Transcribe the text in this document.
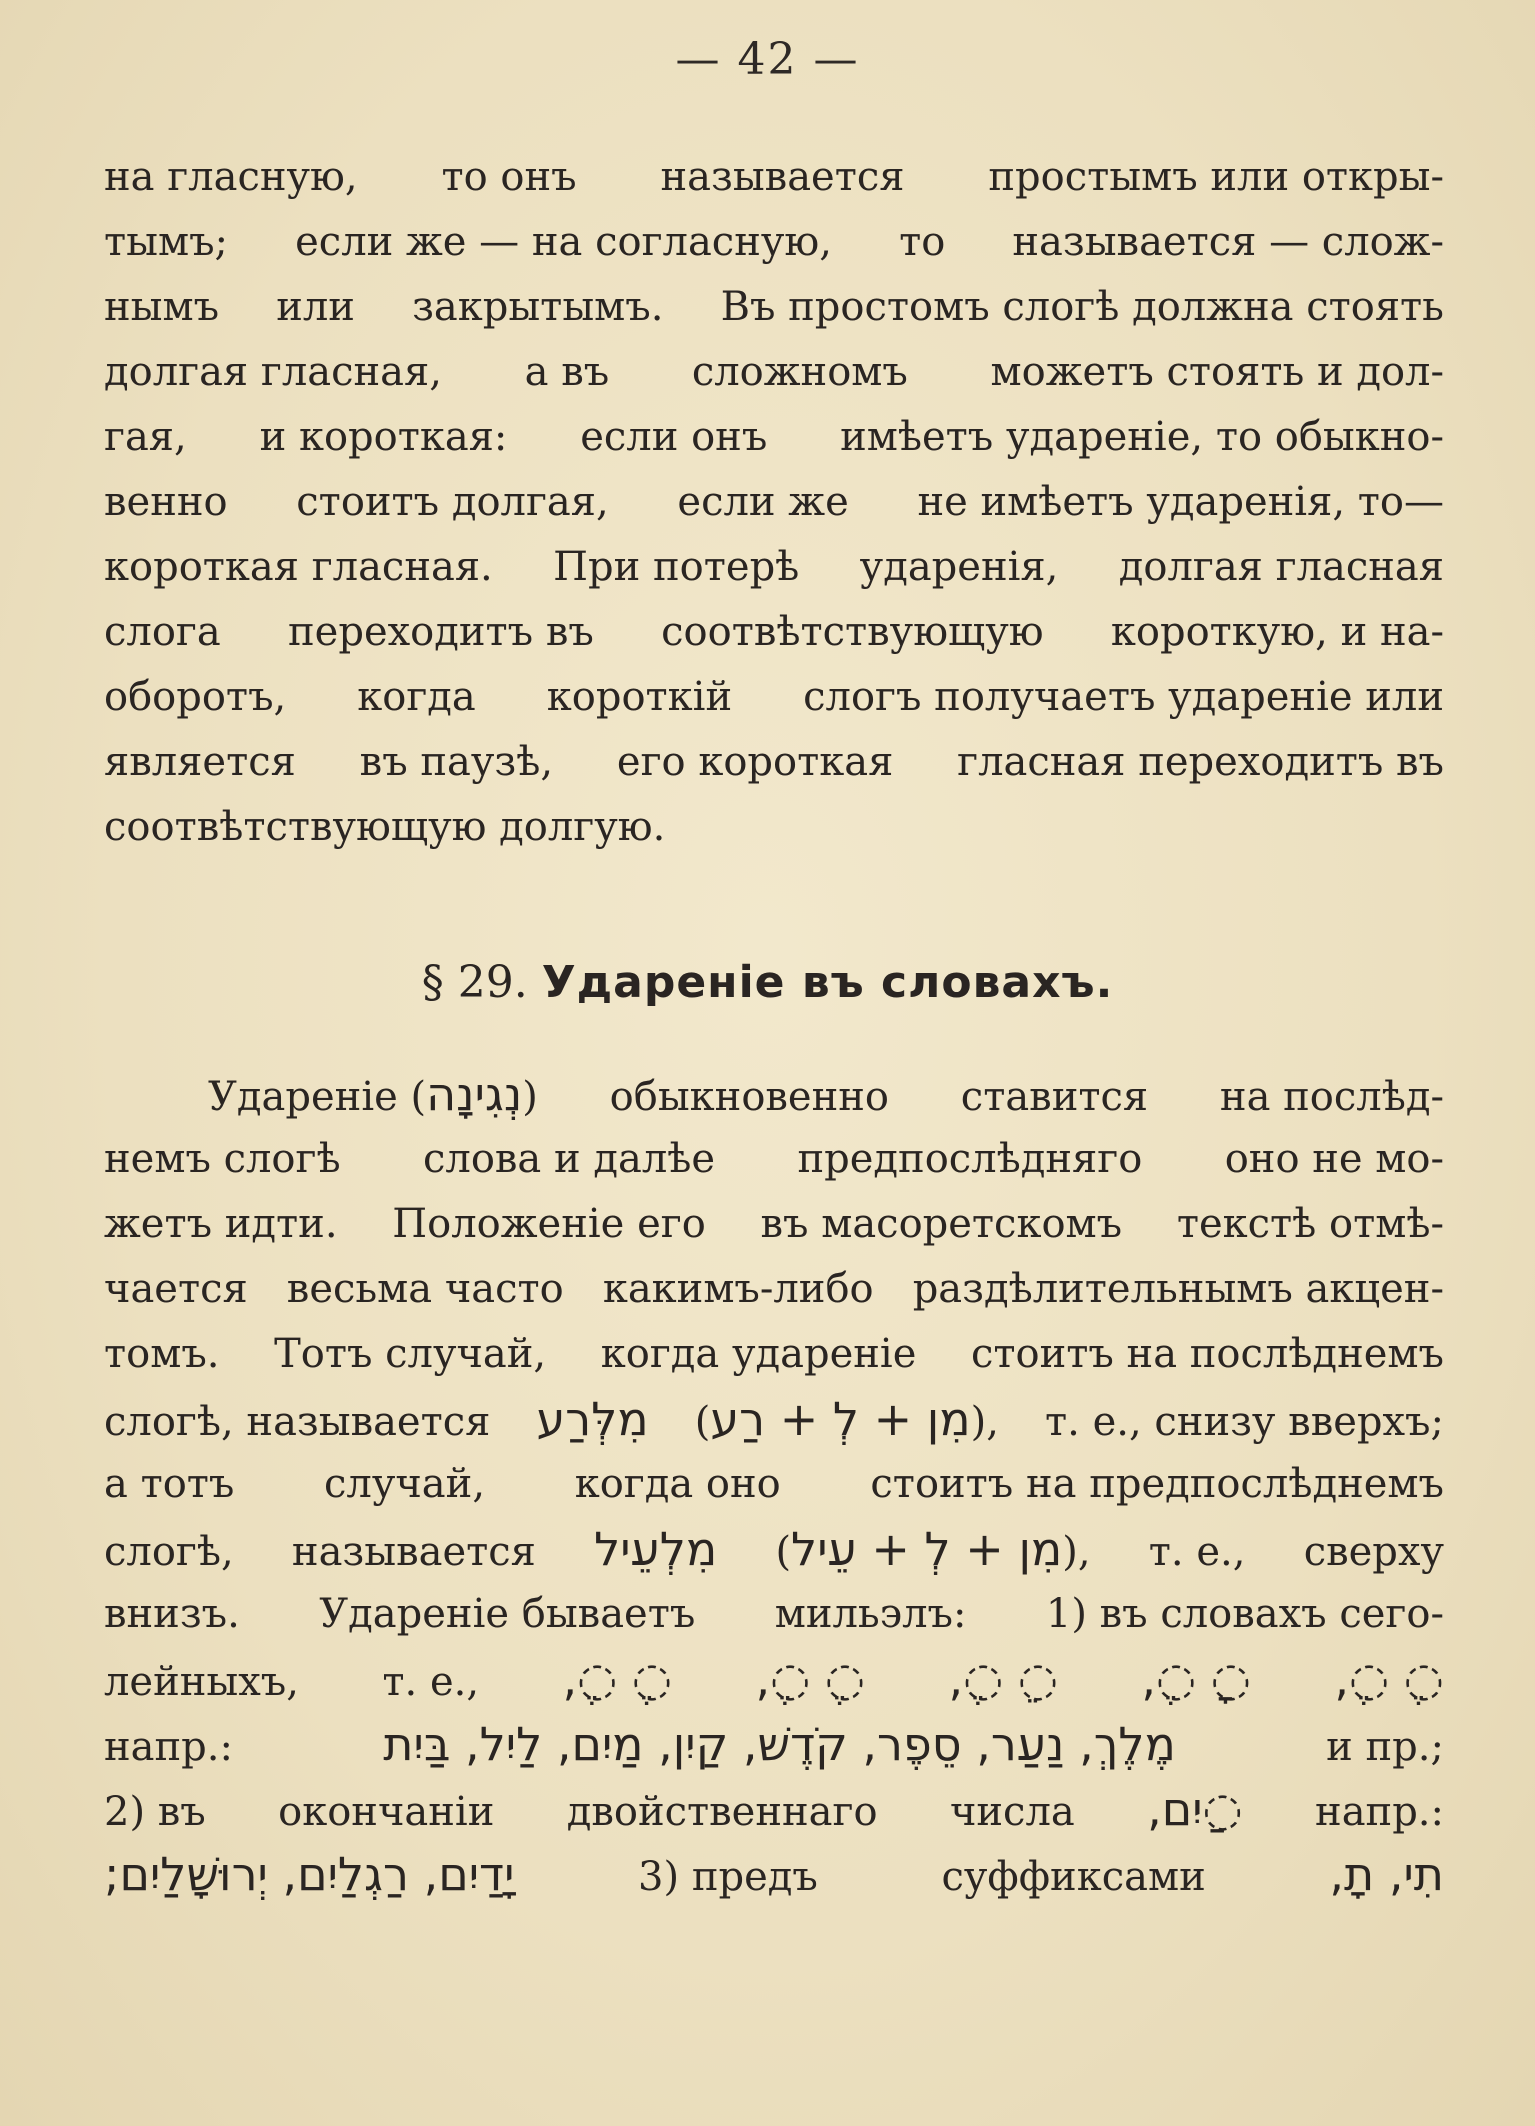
— 42 —
на гласную, то онъ называется простымъ или откры-
тымъ; если же — на согласную, то называется — слож-
нымъ или закрытымъ. Въ простомъ слогѣ должна стоять
долгая гласная, а въ сложномъ можетъ стоять и дол-
гая, и короткая: если онъ имѣетъ удареніе, то обыкно-
венно стоитъ долгая, если же не имѣетъ ударенія, то—
короткая гласная. При потерѣ ударенія, долгая гласная
слога переходитъ въ соотвѣтствующую короткую, и на-
оборотъ, когда короткій слогъ получаетъ удареніе или
является въ паузѣ, его короткая гласная переходитъ въ
соотвѣтствующую долгую.
§ 29. Удареніе въ словахъ.
Удареніе (נְגִינָה) обыкновенно ставится на послѣд-
немъ слогѣ слова и далѣе предпослѣдняго оно не мо-
жетъ идти. Положеніе его въ масоретскомъ текстѣ отмѣ-
чается весьма часто какимъ-либо раздѣлительнымъ акцен-
томъ. Тотъ случай, когда удареніе стоитъ на послѣднемъ
слогѣ, называется מִלְּרַע (מִן + לְ + רַע), т. е., снизу вверхъ;
а тотъ случай, когда оно стоитъ на предпослѣднемъ
слогѣ, называется מִלְעֵיל (מִן + לְ + עֵיל), т. е., сверху
внизъ. Удареніе бываетъ мильэлъ: 1) въ словахъ сего-
лейныхъ, т. е., ◌ֶ ◌ֶ, ◌ֶ ◌ֶ, ◌ֵ ◌ֶ, ◌ָ ◌ֶ, ◌ֶ ◌ֶ,
напр.:	מֶלֶךְ, נַעַר, סֵפֶר, קֹדֶשׁ, קַיִן, מַיִם, לַיִל, בַּיִת	и пр.;
2) въ окончаніи двойственнаго числа ◌ַיִם, напр.:
יָדַיִם, רַגְלַיִם, יְרוּשָׁלַיִם;	3) предъ	суффиксами	תִי, תָ,
